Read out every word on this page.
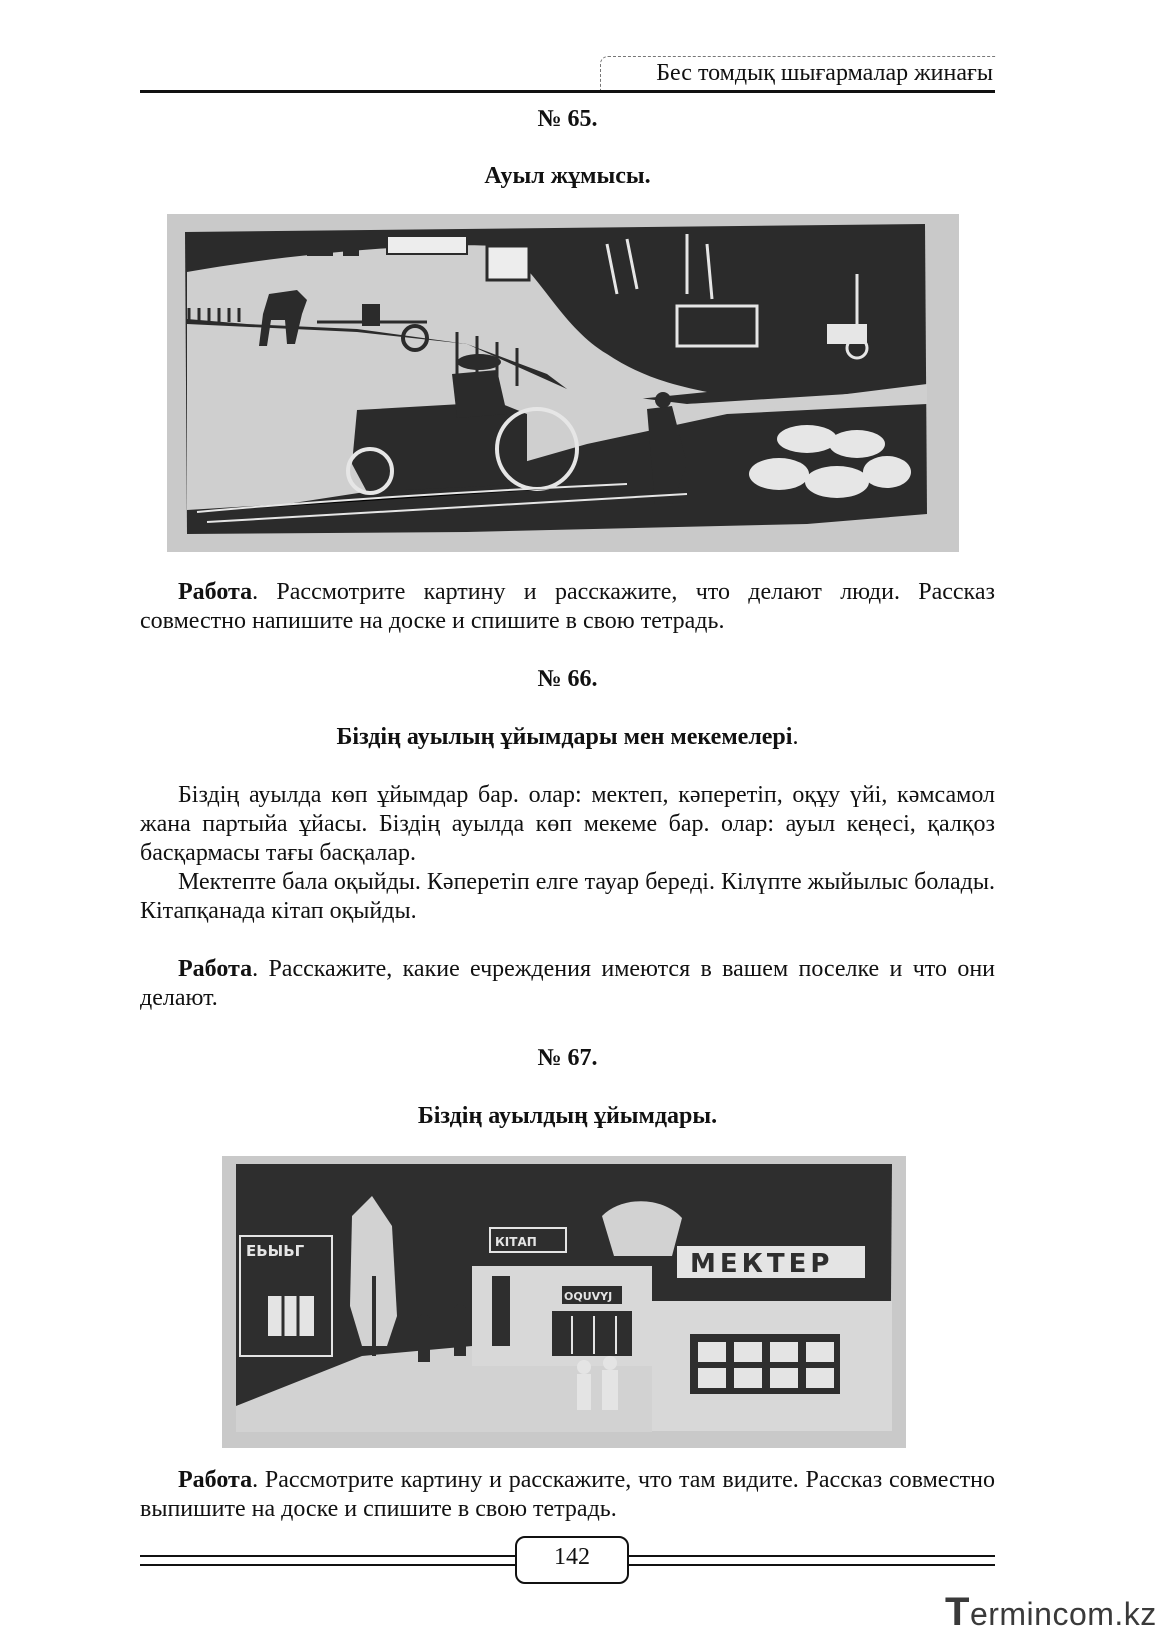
Бес томдық шығармалар жинағы
№ 65.
Ауыл жұмысы.

Работа. Рассмотрите картину и расскажите, что делают люди. Рассказ совместно напишите на доске и спишите в свою тетрадь.

№ 66.
Біздің ауылың ұйымдары мен мекемелері.

Біздің ауылда көп ұйымдар бар. олар: мектеп, кәперетіп, оқұу үйі, кәмсамол жана партыйа ұйасы. Біздің ауылда көп мекеме бар. олар: ауыл кеңесі, қалқоз басқармасы тағы басқалар.

Мектепте бала оқыйды. Кәперетіп елге тауар береді. Кілүпте жыйылыс болады. Кітапқанада кітап оқыйды.

Работа. Расскажите, какие ечреждения имеются в вашем поселке и что они делают.

№ 67.
Біздің ауылдың ұйымдары.
ЕЬЫЬГ	КІТАП
ОQUVYJ
МЕКТЕР

Работа. Рассмотрите картину и расскажите, что там видите. Рассказ совместно выпишите на доске и спишите в свою тетрадь.

142
Termincom.kz
